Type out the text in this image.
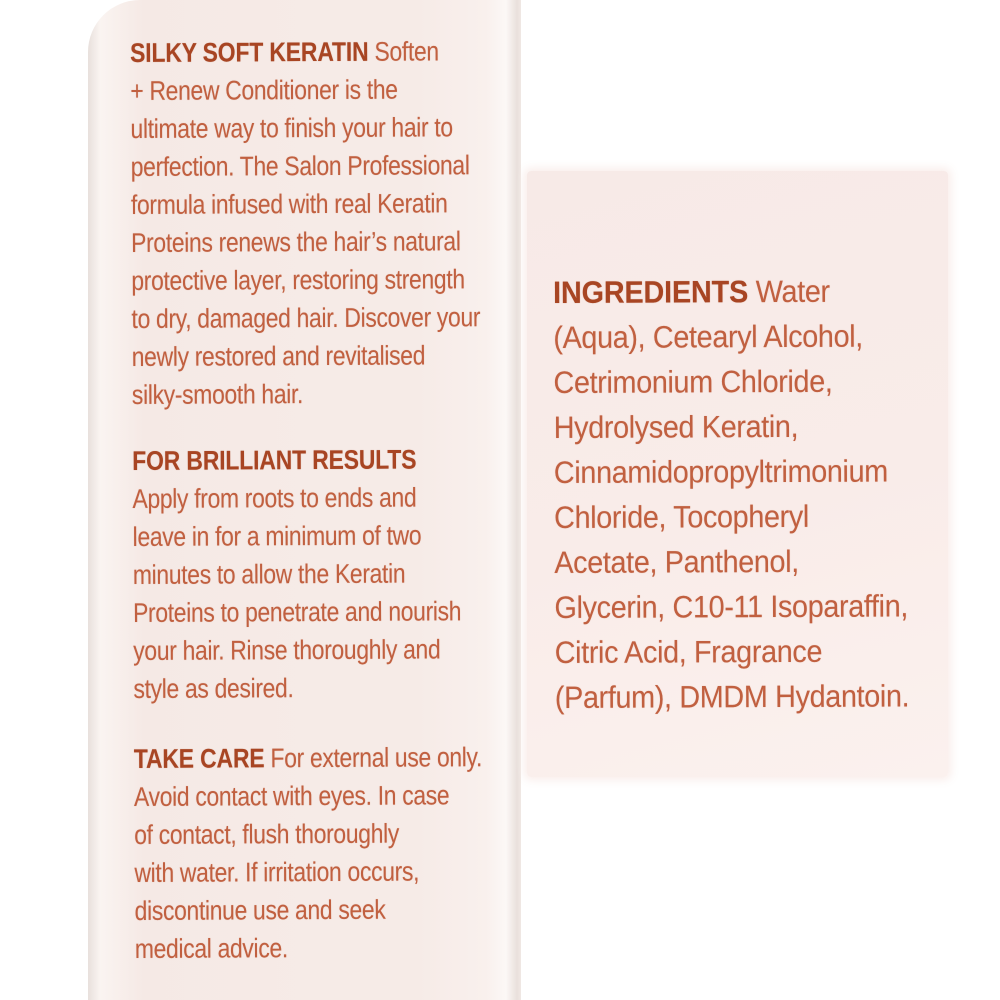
SILKY SOFT KERATIN Soften
+ Renew Conditioner is the
ultimate way to finish your hair to
perfection. The Salon Professional
formula infused with real Keratin
Proteins renews the hair’s natural
protective layer, restoring strength
to dry, damaged hair. Discover your
newly restored and revitalised
silky-smooth hair.
FOR BRILLIANT RESULTS
Apply from roots to ends and
leave in for a minimum of two
minutes to allow the Keratin
Proteins to penetrate and nourish
your hair. Rinse thoroughly and
style as desired.
TAKE CARE For external use only.
Avoid contact with eyes. In case
of contact, flush thoroughly
with water. If irritation occurs,
discontinue use and seek
medical advice.
INGREDIENTS Water
(Aqua), Cetearyl Alcohol,
Cetrimonium Chloride,
Hydrolysed Keratin,
Cinnamidopropyltrimonium
Chloride, Tocopheryl
Acetate, Panthenol,
Glycerin, C10-11 Isoparaffin,
Citric Acid, Fragrance
(Parfum), DMDM Hydantoin.
